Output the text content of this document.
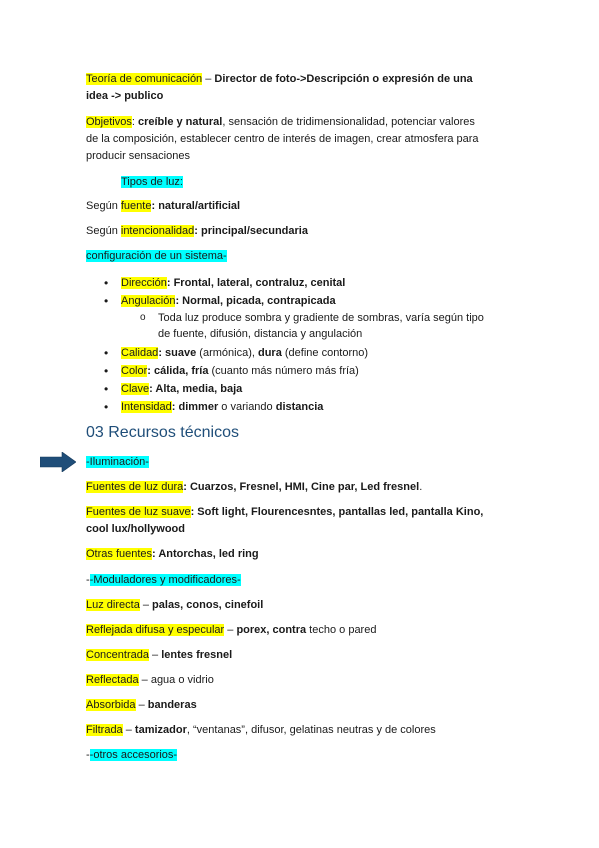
Teoría de comunicación – Director de foto->Descripción o expresión de una
idea -> publico
Objetivos: creíble y natural, sensación de tridimensionalidad, potenciar valores
de la composición, establecer centro de interés de imagen, crear atmosfera para
producir sensaciones
Tipos de luz:
Según fuente: natural/artificial
Según intencionalidad: principal/secundaria
configuración de un sistema-
• Dirección: Frontal, lateral, contraluz, cenital
• Angulación: Normal, picada, contrapicada
o Toda luz produce sombra y gradiente de sombras, varía según tipo
de fuente, difusión, distancia y angulación
• Calidad: suave (armónica), dura (define contorno)
• Color: cálida, fría (cuanto más número más fría)
• Clave: Alta, media, baja
• Intensidad: dimmer o variando distancia
03 Recursos técnicos
-Iluminación-
Fuentes de luz dura: Cuarzos, Fresnel, HMI, Cine par, Led fresnel.
Fuentes de luz suave: Soft light, Flourencesntes, pantallas led, pantalla Kino,
cool lux/hollywood
Otras fuentes: Antorchas, led ring
--Moduladores y modificadores-
Luz directa – palas, conos, cinefoil
Reflejada difusa y especular – porex, contra techo o pared
Concentrada – lentes fresnel
Reflectada – agua o vidrio
Absorbida – banderas
Filtrada – tamizador, “ventanas”, difusor, gelatinas neutras y de colores
--otros accesorios-
